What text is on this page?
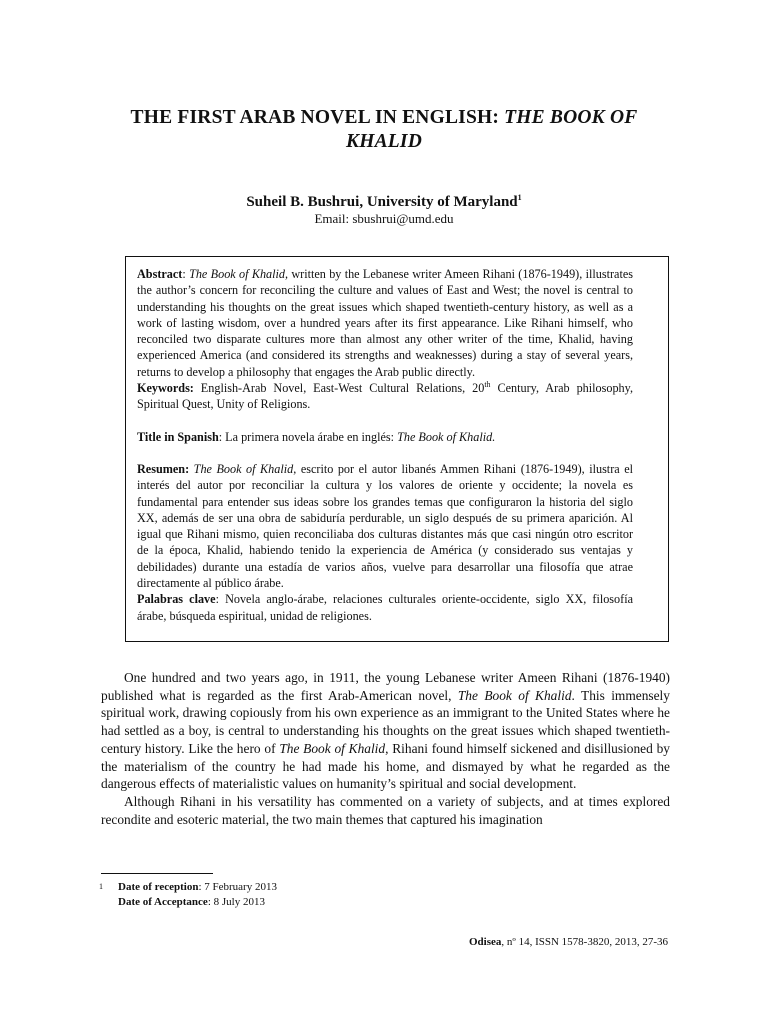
THE FIRST ARAB NOVEL IN ENGLISH: THE BOOK OF KHALID
Suheil B. Bushrui, University of Maryland$^1$
Email: sbushrui@umd.edu

Abstract: The Book of Khalid, written by the Lebanese writer Ameen Rihani (1876-1949), illustrates the author’s concern for reconciling the culture and values of East and West; the novel is central to understanding his thoughts on the great issues which shaped twentieth-century history, as well as a work of lasting wisdom, over a hundred years after its first appearance. Like Rihani himself, who reconciled two disparate cultures more than almost any other writer of the time, Khalid, having experienced America (and considered its strengths and weaknesses) during a stay of several years, returns to develop a philosophy that engages the Arab public directly.

Keywords: English-Arab Novel, East-West Cultural Relations, 20th Century, Arab philosophy, Spiritual Quest, Unity of Religions.

Title in Spanish: La primera novela árabe en inglés: The Book of Khalid.

Resumen: The Book of Khalid, escrito por el autor libanés Ammen Rihani (1876-1949), ilustra el interés del autor por reconciliar la cultura y los valores de oriente y occidente; la novela es fundamental para entender sus ideas sobre los grandes temas que configuraron la historia del siglo XX, además de ser una obra de sabiduría perdurable, un siglo después de su primera aparición. Al igual que Rihani mismo, quien reconciliaba dos culturas distantes más que casi ningún otro escritor de la época, Khalid, habiendo tenido la experiencia de América (y considerado sus ventajas y debilidades) durante una estadía de varios años, vuelve para desarrollar una filosofía que atrae directamente al público árabe.

Palabras clave: Novela anglo-árabe, relaciones culturales oriente-occidente, siglo XX, filosofía árabe, búsqueda espiritual, unidad de religiones.

One hundred and two years ago, in 1911, the young Lebanese writer Ameen Rihani (1876-1940) published what is regarded as the first Arab-American novel, The Book of Khalid. This immensely spiritual work, drawing copiously from his own experience as an immigrant to the United States where he had settled as a boy, is central to understanding his thoughts on the great issues which shaped twentieth-century history. Like the hero of The Book of Khalid, Rihani found himself sickened and disillusioned by the materialism of the country he had made his home, and dismayed by what he regarded as the dangerous effects of materialistic values on humanity’s spiritual and social development.

Although Rihani in his versatility has commented on a variety of subjects, and at times explored recondite and esoteric material, the two main themes that captured his imagination

1	Date of reception: 7 February 2013
Date of Acceptance: 8 July 2013
Odisea, nº 14, ISSN 1578-3820, 2013, 27-36
